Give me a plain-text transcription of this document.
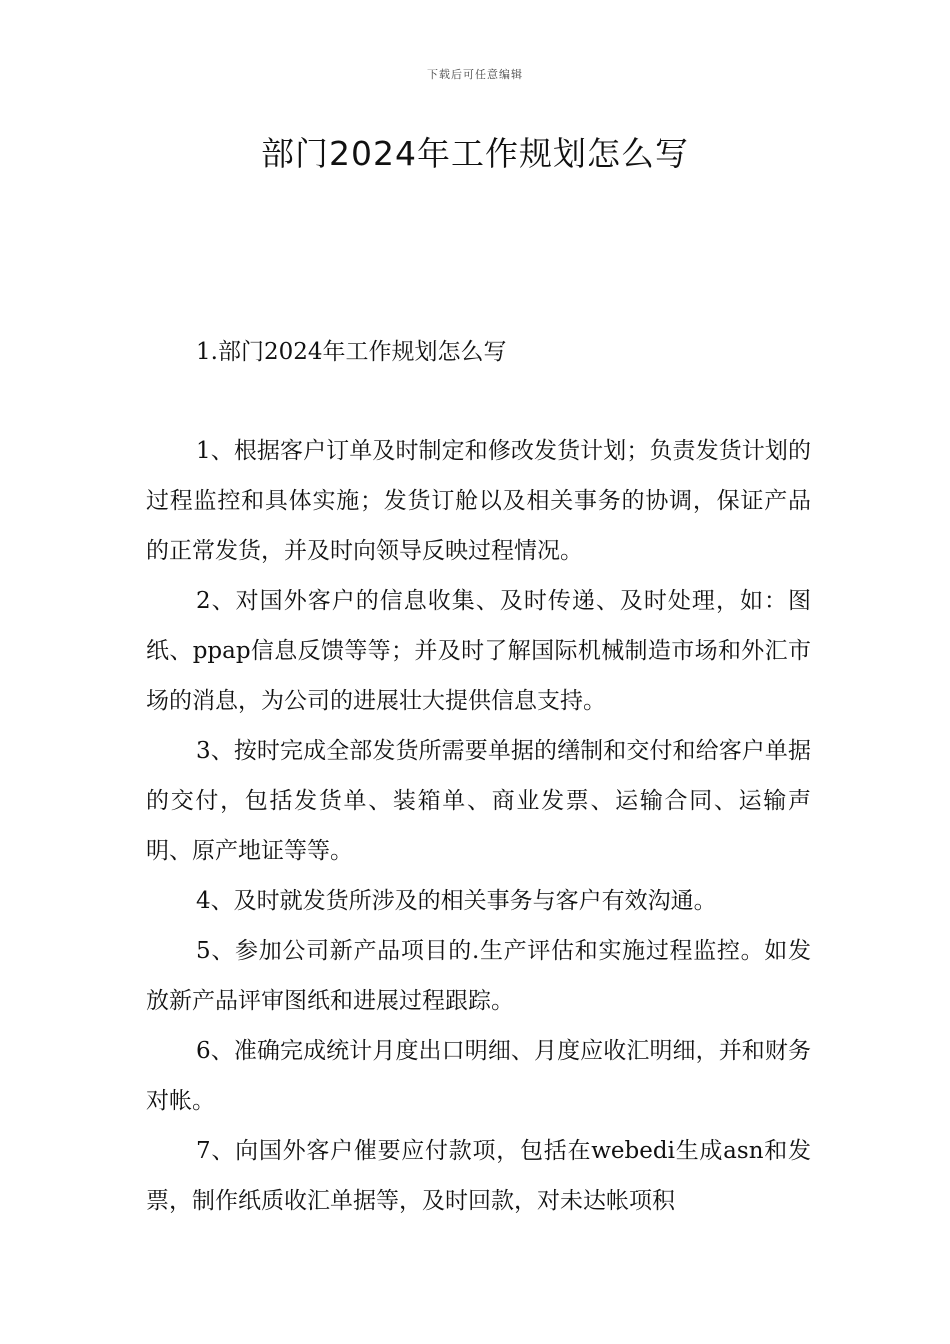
下载后可任意编辑
部门2024年工作规划怎么写
1.部门2024年工作规划怎么写

1、根据客户订单及时制定和修改发货计划；负责发货计划的过程监控和具体实施；发货订舱以及相关事务的协调，保证产品的正常发货，并及时向领导反映过程情况。

2、对国外客户的信息收集、及时传递、及时处理，如：图纸、ppap信息反馈等等；并及时了解国际机械制造市场和外汇市场的消息，为公司的进展壮大提供信息支持。

3、按时完成全部发货所需要单据的缮制和交付和给客户单据的交付，包括发货单、装箱单、商业发票、运输合同、运输声明、原产地证等等。

4、及时就发货所涉及的相关事务与客户有效沟通。

5、参加公司新产品项目的.生产评估和实施过程监控。如发放新产品评审图纸和进展过程跟踪。

6、准确完成统计月度出口明细、月度应收汇明细，并和财务对帐。

7、向国外客户催要应付款项，包括在webedi生成asn和发票，制作纸质收汇单据等，及时回款，对未达帐项积
